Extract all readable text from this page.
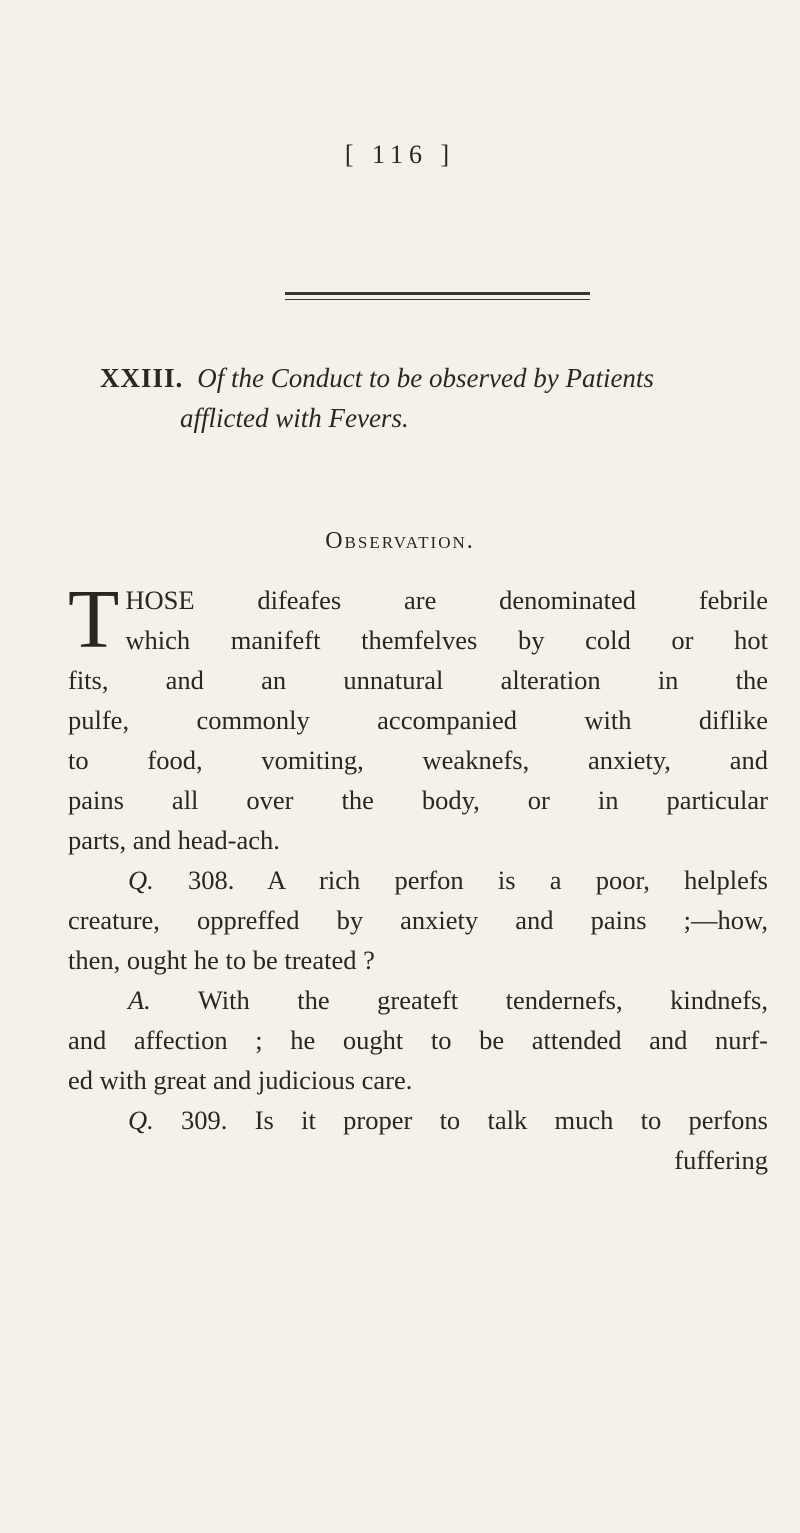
[ 116 ]
XXIII. Of the Conduct to be observed by Patients
afflicted with Fevers.
Observation.
T HOSE difeafes are denominated febrile
which manifeft themfelves by cold or hot
fits, and an unnatural alteration in the
pulfe, commonly accompanied with diflike
to food, vomiting, weaknefs, anxiety, and
pains all over the body, or in particular
parts, and head-ach.
Q. 308. A rich perfon is a poor, helplefs
creature, oppreffed by anxiety and pains ;—how,
then, ought he to be treated ?
A. With the greateft tendernefs, kindnefs,
and affection ; he ought to be attended and nurf-
ed with great and judicious care.
Q. 309. Is it proper to talk much to perfons
fuffering
